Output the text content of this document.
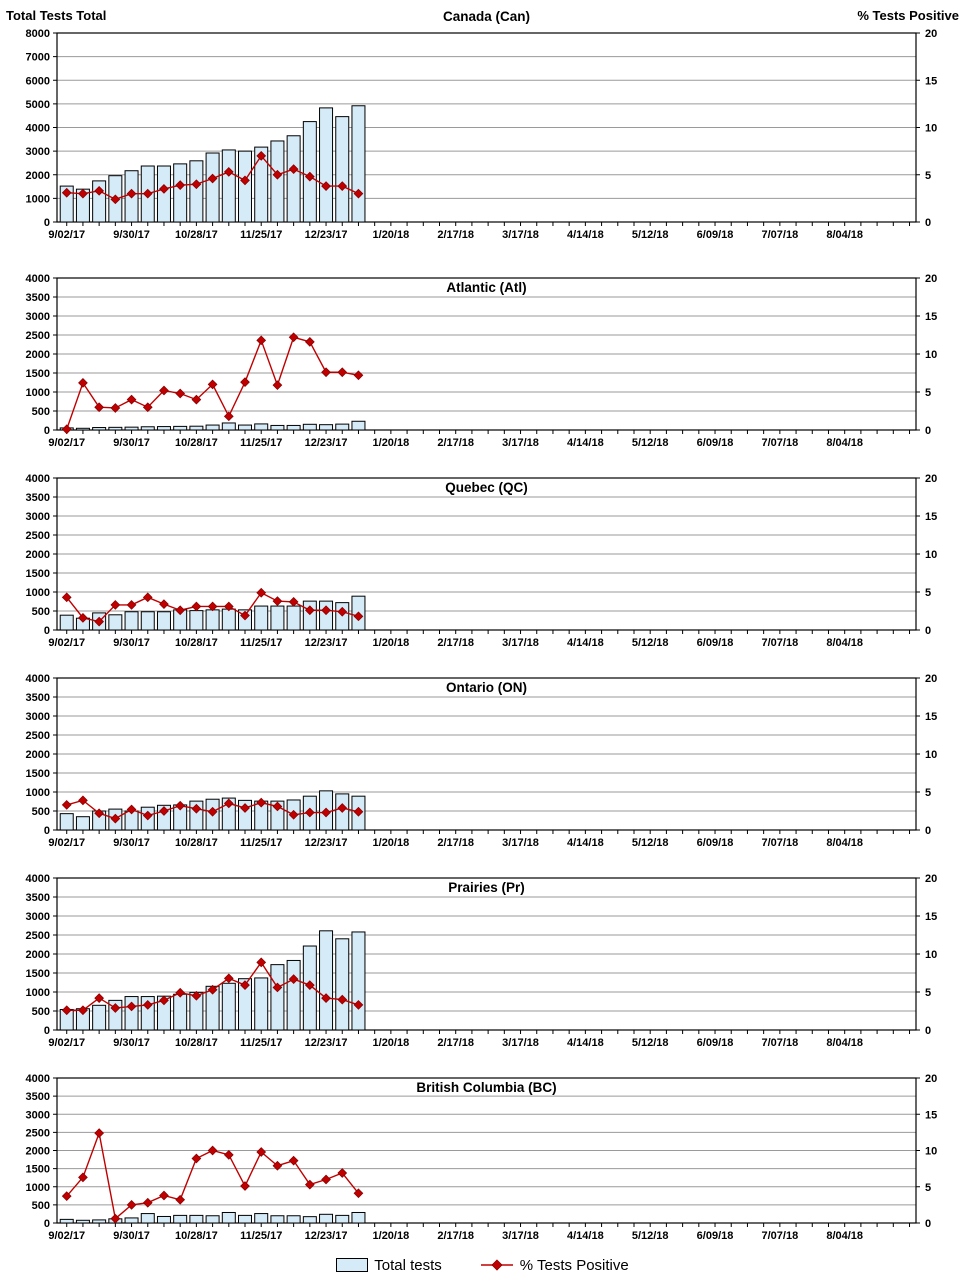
Total Tests Total	% Tests Positive
0
1000
2000
3000
4000
5000
6000
7000
8000
0
5
10
15
20
9/02/17	9/30/17 10/28/17 11/25/17 12/23/17 1/20/18	2/17/18	3/17/18	4/14/18	5/12/18	6/09/18	7/07/18	8/04/18
Canada (Can)
0
500
1000
1500
2000
2500
3000
3500
4000
0
5
10
15
20
9/02/17	9/30/17 10/28/17 11/25/17 12/23/17 1/20/18	2/17/18	3/17/18	4/14/18	5/12/18	6/09/18	7/07/18	8/04/18
Atlantic (Atl)
0
500
1000
1500
2000
2500
3000
3500
4000
0
5
10
15
20
9/02/17	9/30/17 10/28/17 11/25/17 12/23/17 1/20/18	2/17/18	3/17/18	4/14/18	5/12/18	6/09/18	7/07/18	8/04/18
Quebec (QC)
0
500
1000
1500
2000
2500
3000
3500
4000
0
5
10
15
20
9/02/17	9/30/17 10/28/17 11/25/17 12/23/17 1/20/18	2/17/18	3/17/18	4/14/18	5/12/18	6/09/18	7/07/18	8/04/18
Ontario (ON)
0
500
1000
1500
2000
2500
3000
3500
4000
0
5
10
15
20
9/02/17	9/30/17 10/28/17 11/25/17 12/23/17 1/20/18	2/17/18	3/17/18	4/14/18	5/12/18	6/09/18	7/07/18	8/04/18
Prairies (Pr)
0
500
1000
1500
2000
2500
3000
3500
4000
0
5
10
15
20
9/02/17	9/30/17 10/28/17 11/25/17 12/23/17 1/20/18	2/17/18	3/17/18	4/14/18	5/12/18	6/09/18	7/07/18	8/04/18
British Columbia (BC)
Total tests	% Tests Positive
